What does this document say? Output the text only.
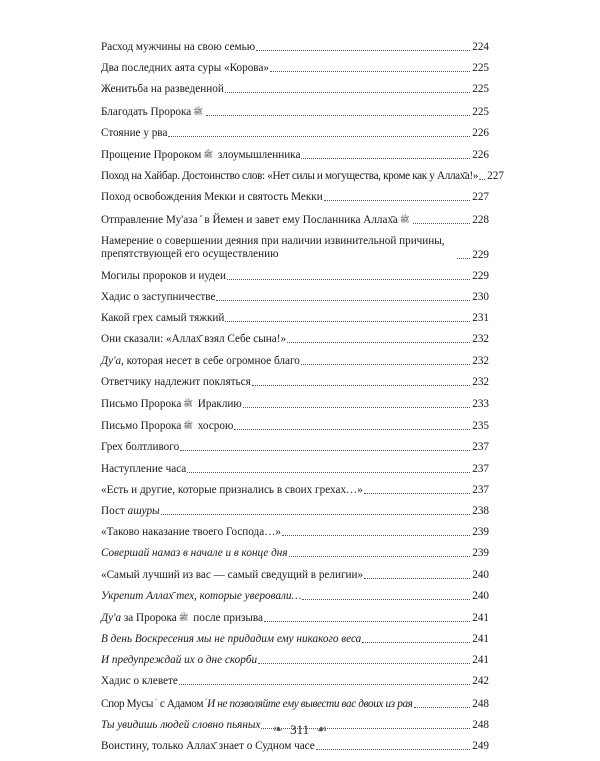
Расход мужчины на свою семью	224
Два последних аята суры «Корова»	225
Женитьба на разведенной	225
Благодать Пророка ﷺ	225
Стояние у рва	226
Прощение Пророком ﷺ злоумышленника	226
Поход на Хайбар. Достоинство слов: «Нет силы и могущества, кроме как у Аллах̄а!» 227
Поход освобождения Мекки и святость Мекки	227
Отправление Му'аза в Йемен и завет ему Посланника Аллах̄а ﷺ	228
Намерение о совершении деяния при наличии извинительной причины, препятствующей его осуществлению	229
Могилы пророков и иудеи	229
Хадис о заступничестве	230
Какой грех самый тяжкий	231
Они сказали: «Аллах̄ взял Себе сына!»	232
Ду'а, которая несет в себе огромное благо	232
Ответчику надлежит покляться	232
Письмо Пророка ﷺ Ираклию	233
Письмо Пророка ﷺ хосрою	235
Грех болтливого	237
Наступление часа	237
«Есть и другие, которые признались в своих грехах…»	237
Пост ашуры	238
«Таково наказание твоего Господа…»	239
Совершай намаз в начале и в конце дня	239
«Самый лучший из вас — самый сведущий в религии»	240
Укрепит Аллах̄ тех, которые уверовали…	240
Ду'а за Пророка ﷺ после призыва	241
В день Воскресения мы не придадим ему никакого веса	241
И предупреждай их о дне скорби	241
Хадис о клевете	242
Спор Мусы с Адамом И не позволяйте ему вывести вас двоих из рая	248
Ты увидишь людей словно пьяных	248
Воистину, только Аллах̄ знает о Судном часе	249
❧ 311 ☙
